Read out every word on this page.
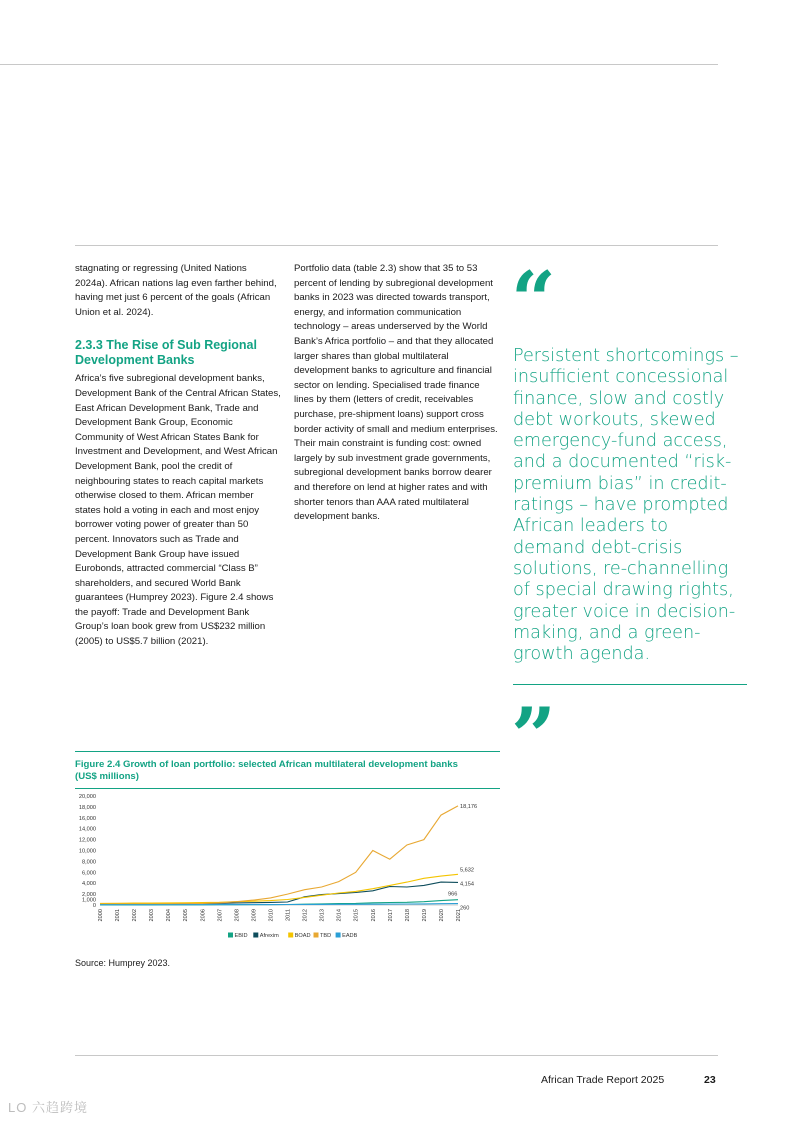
stagnating or regressing (United Nations 2024a). African nations lag even farther behind, having met just 6 percent of the goals (African Union et al. 2024).

2.3.3 The Rise of Sub Regional Development Banks

Africa’s five subregional development banks, Development Bank of the Central African States, East African Development Bank, Trade and Development Bank Group, Economic Community of West African States Bank for Investment and Development, and West African Development Bank, pool the credit of neighbouring states to reach capital markets otherwise closed to them. African member states hold a voting in each and most enjoy borrower voting power of greater than 50 percent. Innovators such as Trade and Development Bank Group have issued Eurobonds, attracted commercial “Class B” shareholders, and secured World Bank guarantees (Humprey 2023). Figure 2.4 shows the payoff: Trade and Development Bank Group’s loan book grew from US$232 million (2005) to US$5.7 billion (2021).

Portfolio data (table 2.3) show that 35 to 53 percent of lending by subregional development banks in 2023 was directed towards transport, energy, and information communication technology – areas underserved by the World Bank’s Africa portfolio – and that they allocated larger shares than global multilateral development banks to agriculture and financial sector on lending. Specialised trade finance lines by them (letters of credit, receivables purchase, pre-shipment loans) support cross border activity of small and medium enterprises. Their main constraint is funding cost: owned largely by sub investment grade governments, subregional development banks borrow dearer and therefore on lend at higher rates and with shorter tenors than AAA rated multilateral development banks.

“
Persistent shortcomings – insufficient concessional finance, slow and costly debt workouts, skewed emergency-fund access, and a documented “risk-premium bias” in credit-ratings – have prompted African leaders to demand debt-crisis solutions, re-channelling of special drawing rights, greater voice in decision-making, and a green-growth agenda.
”
Figure 2.4 Growth of loan portfolio: selected African multilateral development banks (US$ millions)
0
1,000
2,000
4,000
6,000
8,000
10,000
12,000
14,000
16,000
18,000
20,000
2000 2001 2002 2003 2004 2005 2006 2007 2008 2009 2010 2011 2012 2013 2014 2015 2016 2017 2018 2019 2020 2021
18,176
5,632
4,154
966
260
EBID Afrexim	BOAD TBD EADB
Source: Humprey 2023.
African Trade Report 2025	23
LO 六趋跨境
